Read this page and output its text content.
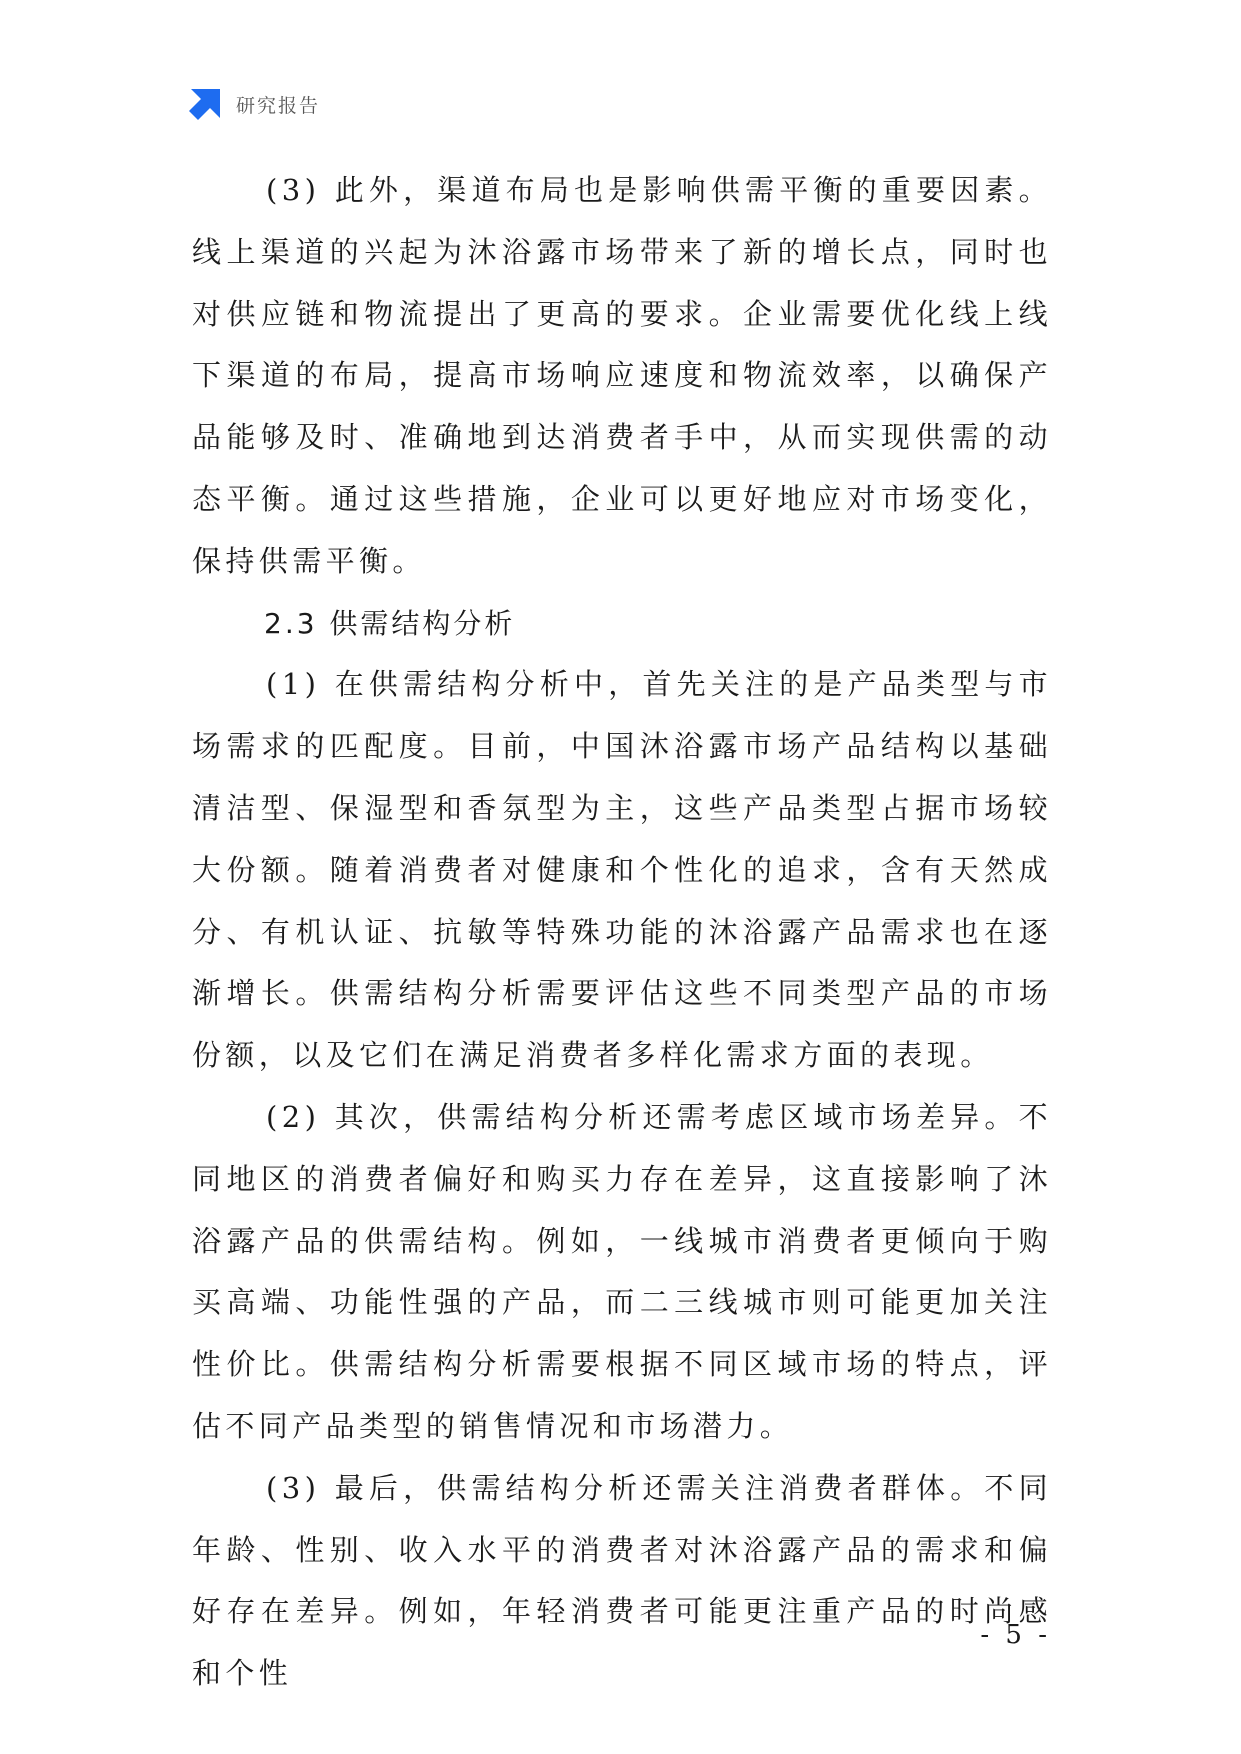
研究报告

(3) 此外，渠道布局也是影响供需平衡的重要因素。线上渠道的兴起为沐浴露市场带来了新的增长点，同时也对供应链和物流提出了更高的要求。企业需要优化线上线下渠道的布局，提高市场响应速度和物流效率，以确保产品能够及时、准确地到达消费者手中，从而实现供需的动态平衡。通过这些措施，企业可以更好地应对市场变化，保持供需平衡。

2.3 供需结构分析

(1) 在供需结构分析中，首先关注的是产品类型与市场需求的匹配度。目前，中国沐浴露市场产品结构以基础清洁型、保湿型和香氛型为主，这些产品类型占据市场较大份额。随着消费者对健康和个性化的追求，含有天然成分、有机认证、抗敏等特殊功能的沐浴露产品需求也在逐渐增长。供需结构分析需要评估这些不同类型产品的市场份额，以及它们在满足消费者多样化需求方面的表现。

(2) 其次，供需结构分析还需考虑区域市场差异。不同地区的消费者偏好和购买力存在差异，这直接影响了沐浴露产品的供需结构。例如，一线城市消费者更倾向于购买高端、功能性强的产品，而二三线城市则可能更加关注性价比。供需结构分析需要根据不同区域市场的特点，评估不同产品类型的销售情况和市场潜力。

(3) 最后，供需结构分析还需关注消费者群体。不同年龄、性别、收入水平的消费者对沐浴露产品的需求和偏好存在差异。例如，年轻消费者可能更注重产品的时尚感和个性

- 5 -
